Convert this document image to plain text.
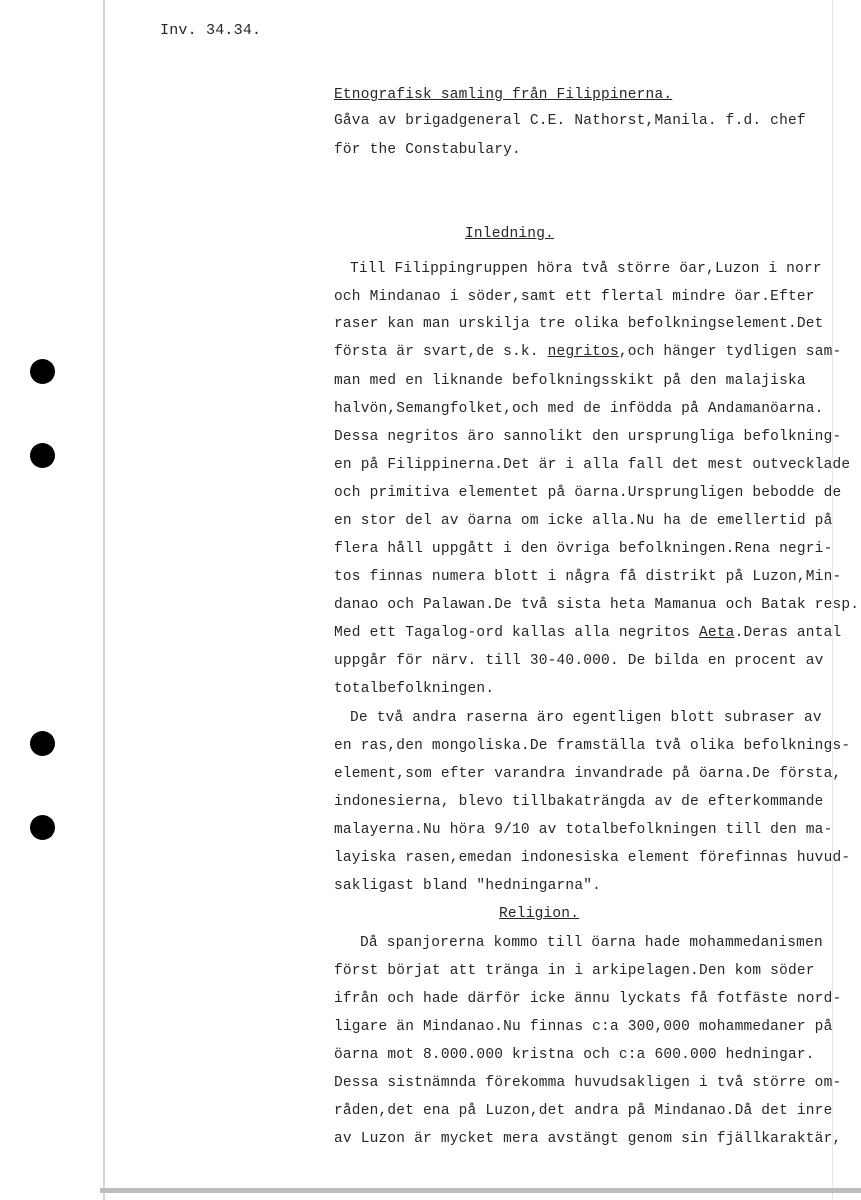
Inv. 34.34.
Etnografisk samling från Filippinerna.
Gåva av brigadgeneral C.E. Nathorst,Manila. f.d. chef
för the Constabulary.
Inledning.
Till Filippingruppen höra två större öar,Luzon i norr
och Mindanao i söder,samt ett flertal mindre öar.Efter
raser kan man urskilja tre olika befolkningselement.Det
första är svart,de s.k. negritos,och hänger tydligen sam-
man med en liknande befolkningsskikt på den malajiska
halvön,Semangfolket,och med de infödda på Andamanöarna.
Dessa negritos äro sannolikt den ursprungliga befolkning-
en på Filippinerna.Det är i alla fall det mest outvecklade
och primitiva elementet på öarna.Ursprungligen bebodde de
en stor del av öarna om icke alla.Nu ha de emellertid på
flera håll uppgått i den övriga befolkningen.Rena negri-
tos finnas numera blott i några få distrikt på Luzon,Min-
danao och Palawan.De två sista heta Mamanua och Batak resp.
Med ett Tagalog-ord kallas alla negritos Aeta.Deras antal
uppgår för närv. till 30-40.000. De bilda en procent av
totalbefolkningen.
De två andra raserna äro egentligen blott subraser av
en ras,den mongoliska.De framställa två olika befolknings-
element,som efter varandra invandrade på öarna.De första,
indonesierna, blevo tillbakaträngda av de efterkommande
malayerna.Nu höra 9/10 av totalbefolkningen till den ma-
layiska rasen,emedan indonesiska element förefinnas huvud-
sakligast bland "hedningarna".
Religion.
Då spanjorerna kommo till öarna hade mohammedanismen
först börjat att tränga in i arkipelagen.Den kom söder
ifrån och hade därför icke ännu lyckats få fotfäste nord-
ligare än Mindanao.Nu finnas c:a 300,000 mohammedaner på
öarna mot 8.000.000 kristna och c:a 600.000 hedningar.
Dessa sistnämnda förekomma huvudsakligen i två större om-
råden,det ena på Luzon,det andra på Mindanao.Då det inre
av Luzon är mycket mera avstängt genom sin fjällkaraktär,
